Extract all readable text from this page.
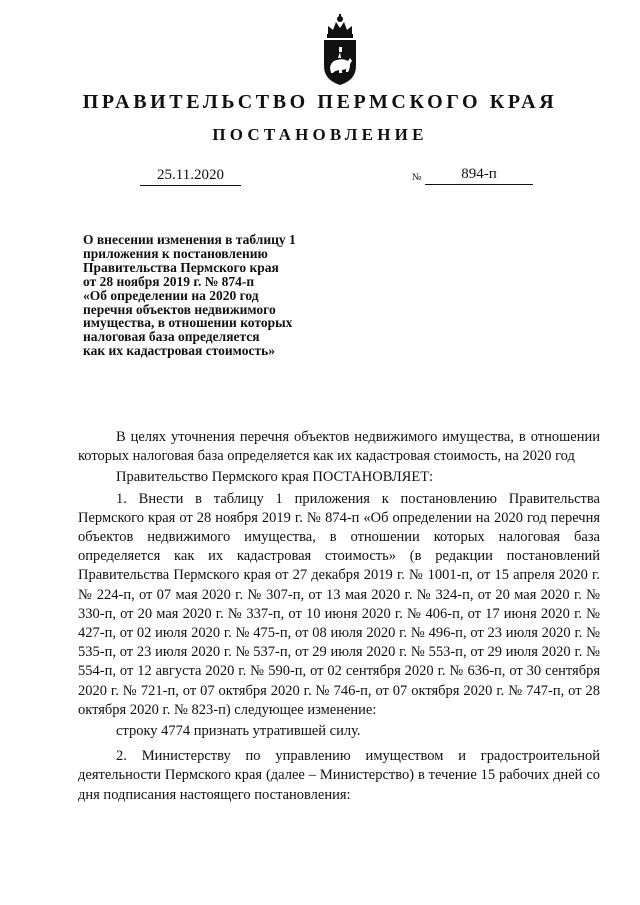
ПРАВИТЕЛЬСТВО ПЕРМСКОГО КРАЯ
ПОСТАНОВЛЕНИЕ
25.11.2020	№	894-п
О внесении изменения в таблицу 1
приложения к постановлению
Правительства Пермского края
от 28 ноября 2019 г. № 874-п
«Об определении на 2020 год
перечня объектов недвижимого
имущества, в отношении которых
налоговая база определяется
как их кадастровая стоимость»

В целях уточнения перечня объектов недвижимого имущества, в отношении которых налоговая база определяется как их кадастровая стоимость, на 2020 год

Правительство Пермского края ПОСТАНОВЛЯЕТ:

1. Внести в таблицу 1 приложения к постановлению Правительства Пермского края от 28 ноября 2019 г. № 874-п «Об определении на 2020 год перечня объектов недвижимого имущества, в отношении которых налоговая база определяется как их кадастровая стоимость» (в редакции постановлений Правительства Пермского края от 27 декабря 2019 г. № 1001-п, от 15 апреля 2020 г. № 224-п, от 07 мая 2020 г. № 307-п, от 13 мая 2020 г. № 324-п, от 20 мая 2020 г. № 330-п, от 20 мая 2020 г. № 337-п, от 10 июня 2020 г. № 406-п, от 17 июня 2020 г. № 427-п, от 02 июля 2020 г. № 475-п, от 08 июля 2020 г. № 496-п, от 23 июля 2020 г. № 535-п, от 23 июля 2020 г. № 537-п, от 29 июля 2020 г. № 553-п, от 29 июля 2020 г. № 554-п, от 12 августа 2020 г. № 590-п, от 02 сентября 2020 г. № 636-п, от 30 сентября 2020 г. № 721-п, от 07 октября 2020 г. № 746-п, от 07 октября 2020 г. № 747-п, от 28 октября 2020 г. № 823-п) следующее изменение:

строку 4774 признать утратившей силу.

2. Министерству по управлению имуществом и градостроительной деятельности Пермского края (далее – Министерство) в течение 15 рабочих дней со дня подписания настоящего постановления:
